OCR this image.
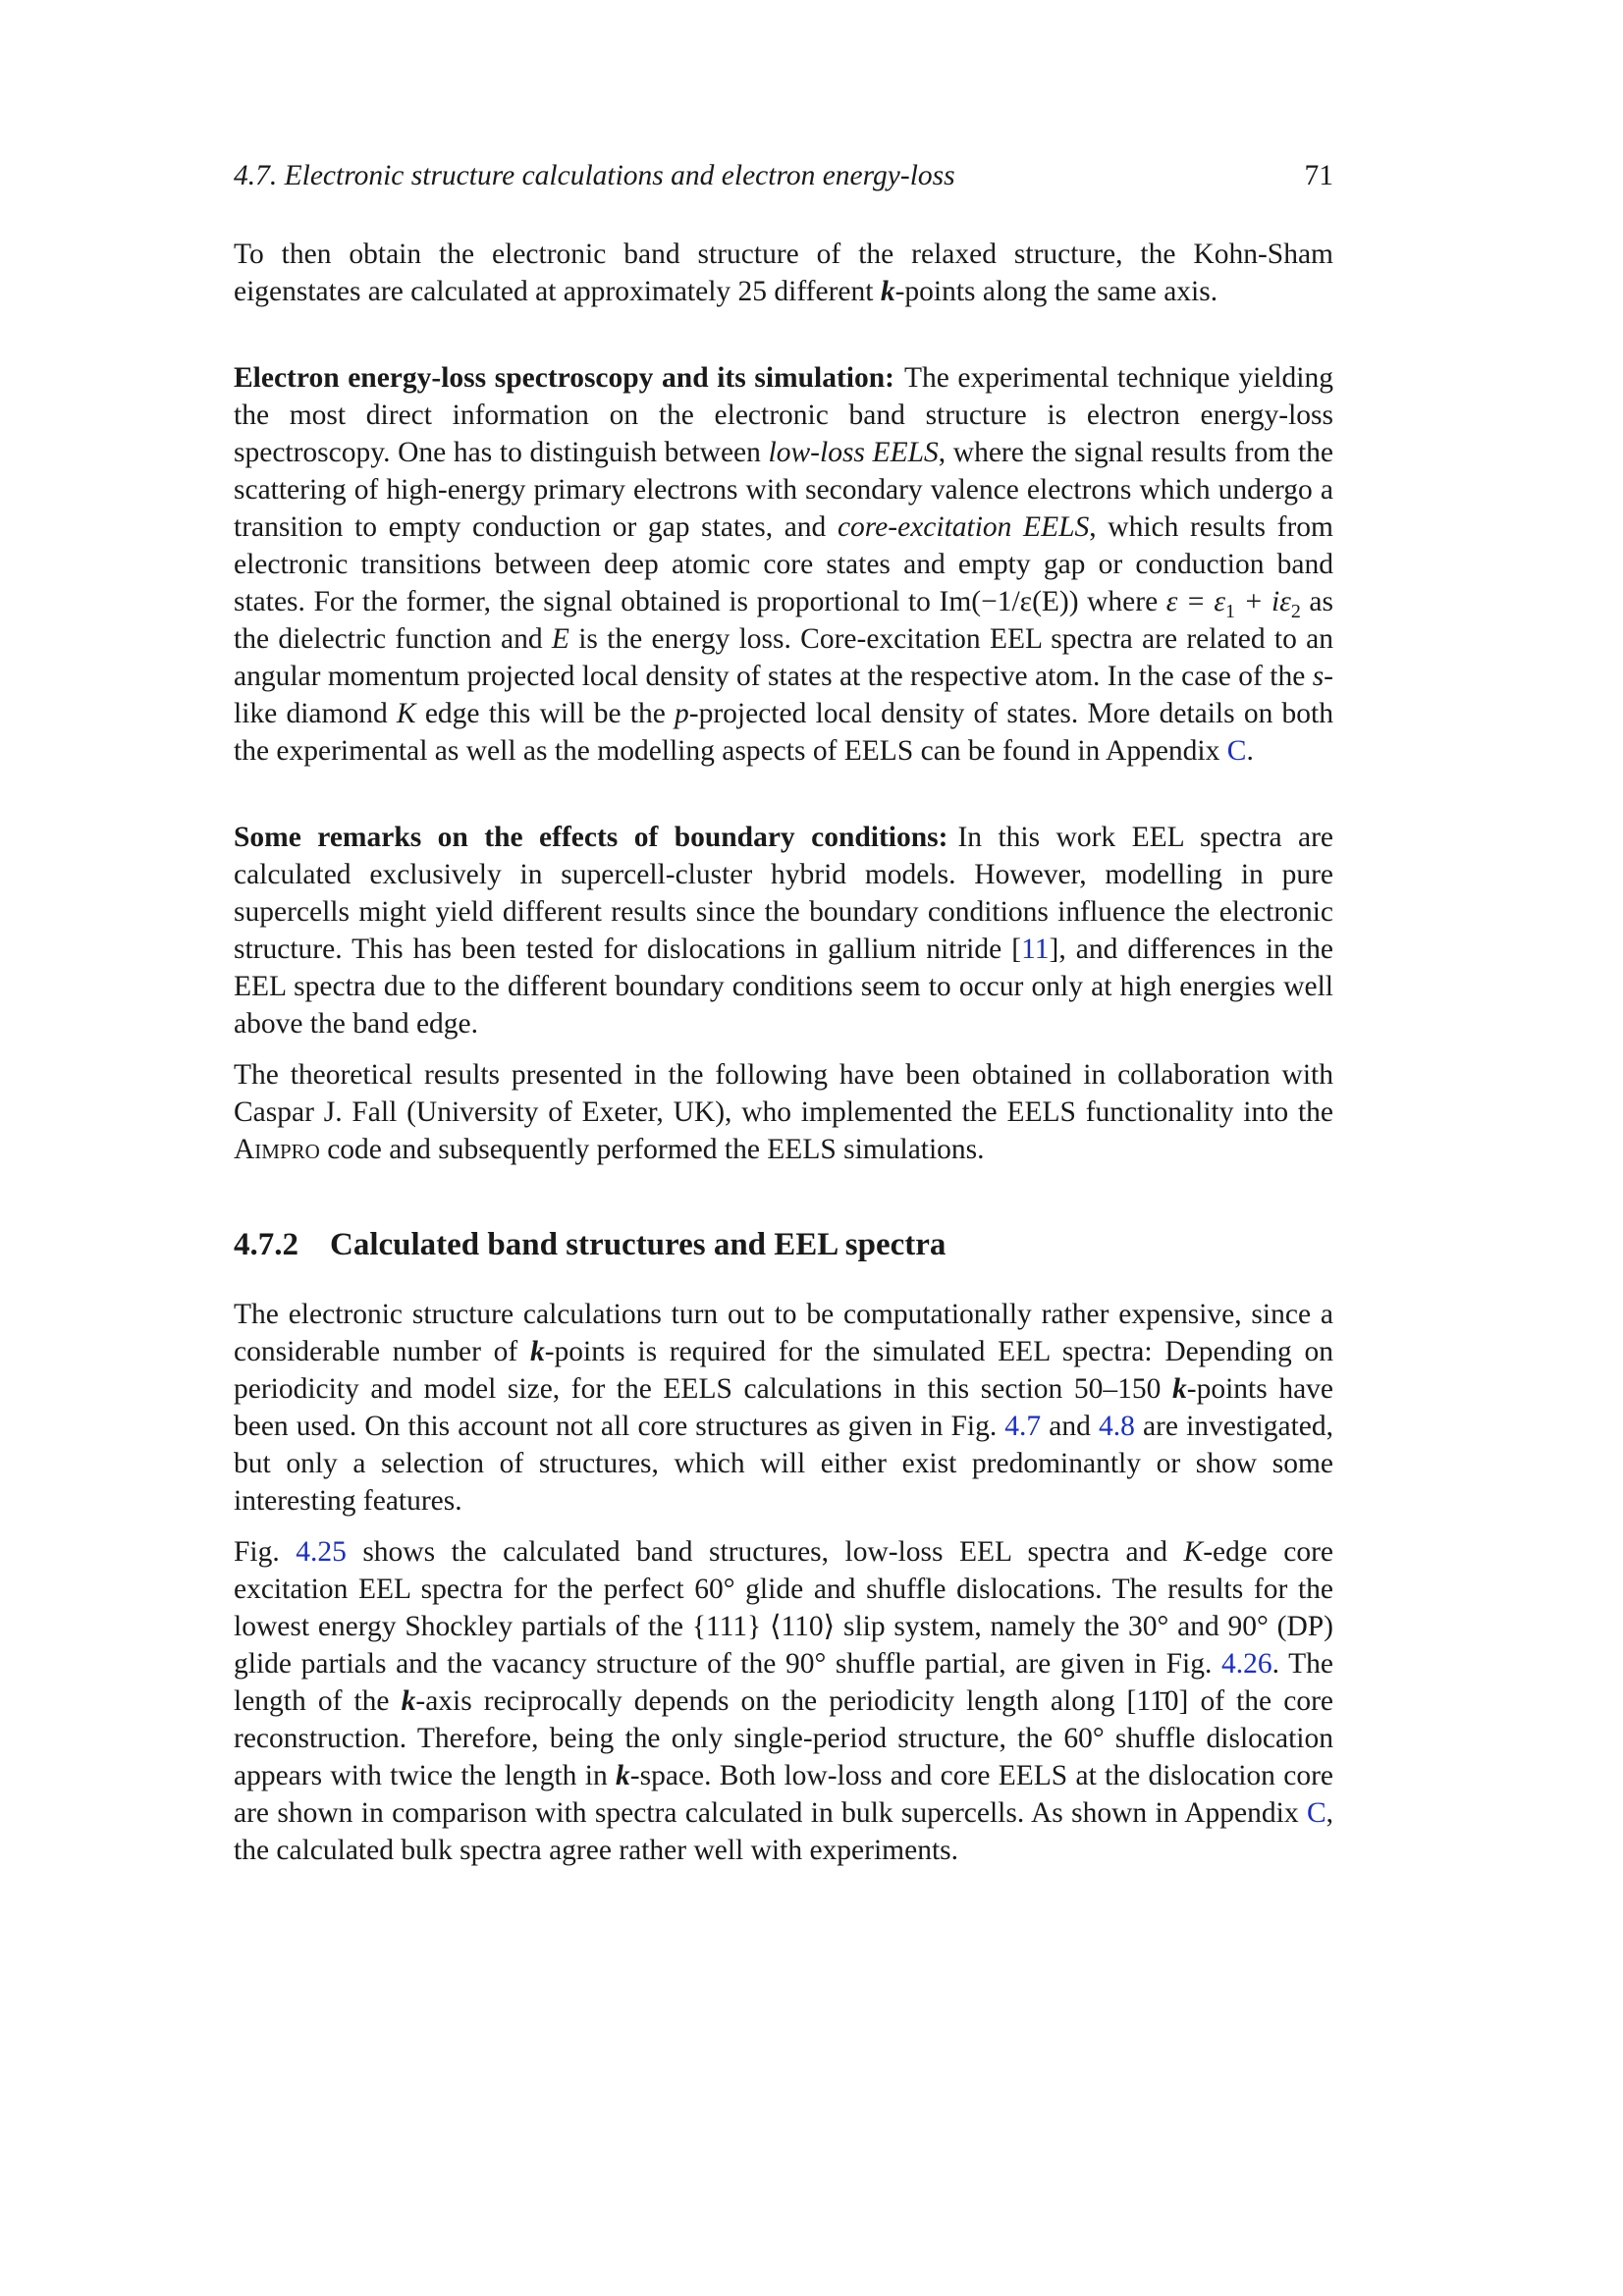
4.7. Electronic structure calculations and electron energy-loss	71

To then obtain the electronic band structure of the relaxed structure, the Kohn-Sham eigenstates are calculated at approximately 25 different k-points along the same axis.

Electron energy-loss spectroscopy and its simulation: The experimental technique yielding the most direct information on the electronic band structure is electron energy-loss spectroscopy. One has to distinguish between low-loss EELS, where the signal results from the scattering of high-energy primary electrons with secondary valence electrons which undergo a transition to empty conduction or gap states, and core-excitation EELS, which results from electronic transitions between deep atomic core states and empty gap or conduction band states. For the former, the signal obtained is proportional to Im(−1/ε(E)) where $\varepsilon = \varepsilon_1 + i\varepsilon_2$ as the dielectric function and E is the energy loss. Core-excitation EEL spectra are related to an angular momentum projected local density of states at the respective atom. In the case of the s-like diamond K edge this will be the p-projected local density of states. More details on both the experimental as well as the modelling aspects of EELS can be found in Appendix C.

Some remarks on the effects of boundary conditions: In this work EEL spectra are calculated exclusively in supercell-cluster hybrid models. However, modelling in pure supercells might yield different results since the boundary conditions influence the electronic structure. This has been tested for dislocations in gallium nitride [11], and differences in the EEL spectra due to the different boundary conditions seem to occur only at high energies well above the band edge.

The theoretical results presented in the following have been obtained in collaboration with Caspar J. Fall (University of Exeter, UK), who implemented the EELS functionality into the Aimpro code and subsequently performed the EELS simulations.

4.7.2 Calculated band structures and EEL spectra

The electronic structure calculations turn out to be computationally rather expensive, since a considerable number of k-points is required for the simulated EEL spectra: Depending on periodicity and model size, for the EELS calculations in this section 50–150 k-points have been used. On this account not all core structures as given in Fig. 4.7 and 4.8 are investigated, but only a selection of structures, which will either exist predominantly or show some interesting features.

Fig. 4.25 shows the calculated band structures, low-loss EEL spectra and K-edge core excitation EEL spectra for the perfect 60° glide and shuffle dislocations. The results for the lowest energy Shockley partials of the {111} ⟨110⟩ slip system, namely the 30° and 90° (DP) glide partials and the vacancy structure of the 90° shuffle partial, are given in Fig. 4.26. The length of the k-axis reciprocally depends on the periodicity length along [11̄0] of the core reconstruction. Therefore, being the only single-period structure, the 60° shuffle dislocation appears with twice the length in k-space. Both low-loss and core EELS at the dislocation core are shown in comparison with spectra calculated in bulk supercells. As shown in Appendix C, the calculated bulk spectra agree rather well with experiments.
